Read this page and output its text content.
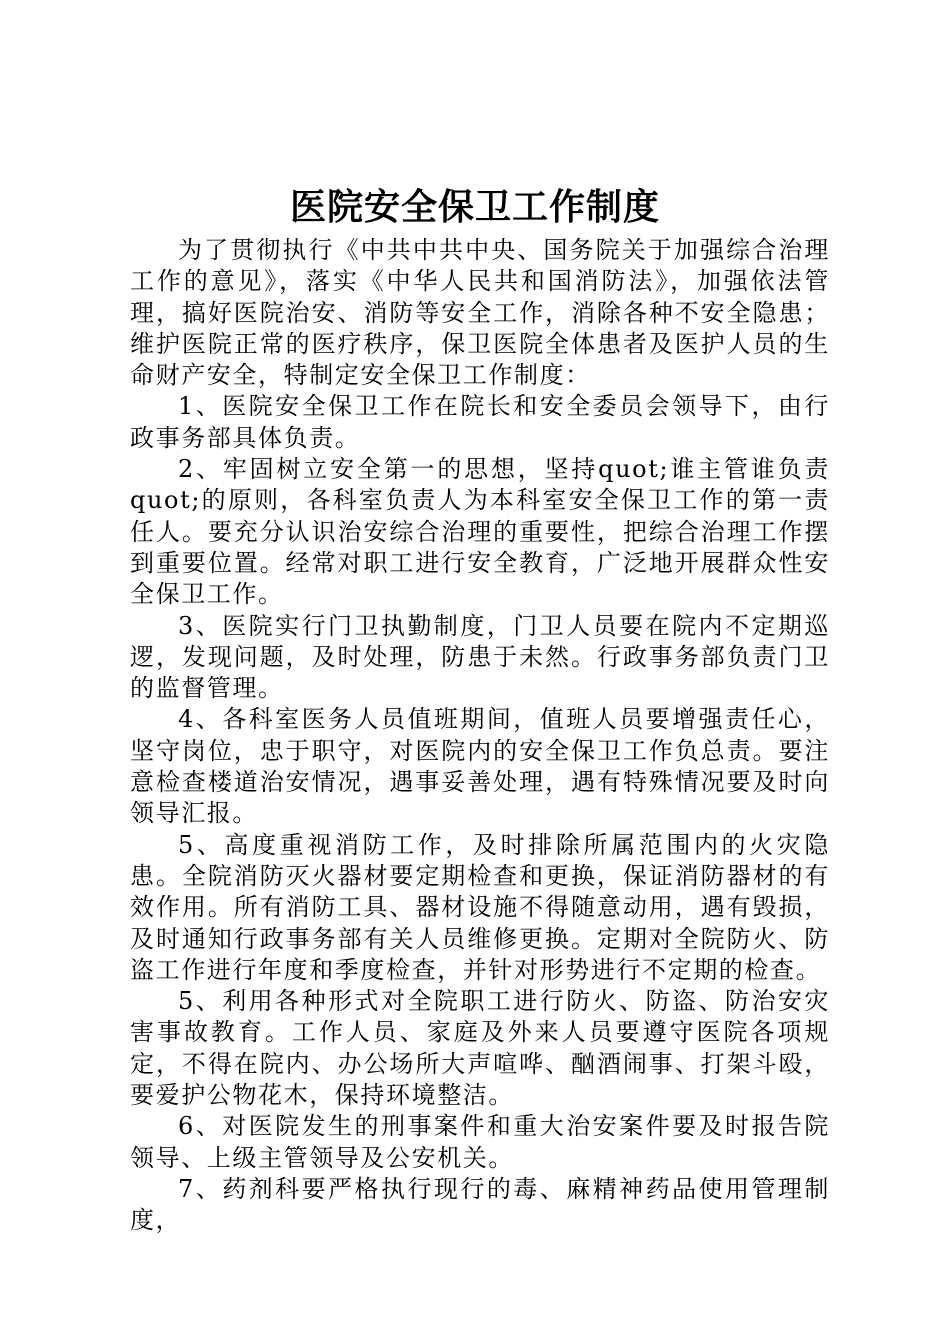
医院安全保卫工作制度

为了贯彻执行《中共中共中央、国务院关于加强综合治理工作的意见》，落实《中华人民共和国消防法》，加强依法管理，搞好医院治安、消防等安全工作，消除各种不安全隐患；维护医院正常的医疗秩序，保卫医院全体患者及医护人员的生命财产安全，特制定安全保卫工作制度：

1、医院安全保卫工作在院长和安全委员会领导下，由行政事务部具体负责。

2、牢固树立安全第一的思想，坚持quot;谁主管谁负责quot;的原则，各科室负责人为本科室安全保卫工作的第一责任人。要充分认识治安综合治理的重要性，把综合治理工作摆到重要位置。经常对职工进行安全教育，广泛地开展群众性安全保卫工作。

3、医院实行门卫执勤制度，门卫人员要在院内不定期巡逻，发现问题，及时处理，防患于未然。行政事务部负责门卫的监督管理。

4、各科室医务人员值班期间，值班人员要增强责任心，坚守岗位，忠于职守，对医院内的安全保卫工作负总责。要注意检查楼道治安情况，遇事妥善处理，遇有特殊情况要及时向领导汇报。

5、高度重视消防工作，及时排除所属范围内的火灾隐患。全院消防灭火器材要定期检查和更换，保证消防器材的有效作用。所有消防工具、器材设施不得随意动用，遇有毁损，及时通知行政事务部有关人员维修更换。定期对全院防火、防盗工作进行年度和季度检查，并针对形势进行不定期的检查。

5、利用各种形式对全院职工进行防火、防盗、防治安灾害事故教育。工作人员、家庭及外来人员要遵守医院各项规定，不得在院内、办公场所大声喧哗、酗酒闹事、打架斗殴，要爱护公物花木，保持环境整洁。

6、对医院发生的刑事案件和重大治安案件要及时报告院领导、上级主管领导及公安机关。

7、药剂科要严格执行现行的毒、麻精神药品使用管理制度，
